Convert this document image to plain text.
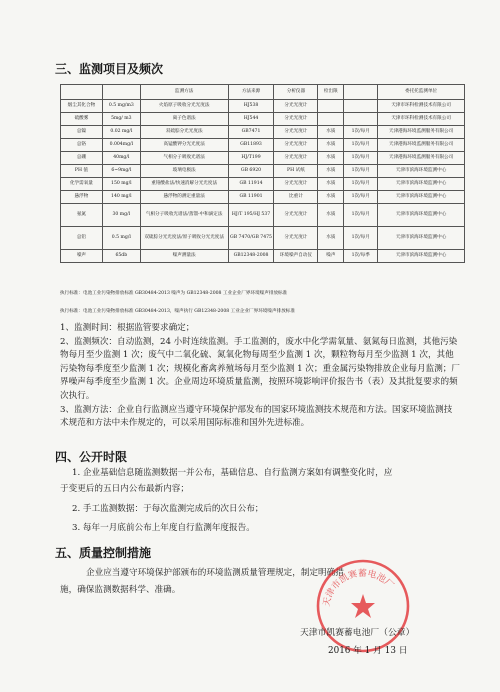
三、监测项目及频次
		监测方法	方法来源	分析仪器	检出限		委托托监测单位
烟尘其化合物	0.5 mg/m3	火焰原子吸收分光光度法	HJ538	分光光度计			天津市环科检测技术有限公司
硫酸雾	5mg/ m3	离子色谱法	HJ544	分光光度计			天津市环科检测技术有限公司
总镍	0.02 mg/l	双硫腙分光光度法	GB7471	分光光度计	水质	1次/每月	天津港海环境监测服务有限公司
总铬	0.004mg/l	高锰酸钾分光光度法	GB11893	分光光度计	水质	1次/每月	天津港海环境监测服务有限公司
总硼	40mg/l	气相分子吸收光谱法	HJ/T199	分光光度计	水质	1次/每月	天津港海环境监测服务有限公司
PH 值	6~9mg/l	玻璃电极法	GB 6920	PH 试纸	水质	1次/每月	天津市滨海环境监测中心
化学需氧量	150 mg/l	重铬酸盐法/快速消解分光光度法	GB 11914	分光光度计	水质	1次/每月	天津市滨海环境监测中心
悬浮物	140 mg/l	悬浮物的测定重量法	GB 11901	比重计	水质	1次/每月	天津市滨海环境监测中心
氨氮	30 mg/l	气相分子吸收光谱法/蒸馏-中和滴定法	HJ/T 195/HJ 537	分光光度计	水质	1次/每月	天津市滨海环境监测中心
总铅	0.5 mg/l	双硫腙分光光度法/原子吸收分光光度法	GB 7470/GB 7475	分光光度计	水质	1次/每月	天津市滨海环境监测中心
噪声	65db	噪声测量法	GB12348-2008	环境噪声自动仪	噪声	1次/每季	天津市滨海环境监测中心
执行标准：电池工业污染物排放标准 GB30484-2013 噪声为 GB12348-2008 工业企业厂界环境噪声排放标准
执行标准：电池工业污染物排放标准 GB30484-2013，噪声执行 GB12348-2008 工业企业厂界环境噪声排放标准
1、监测时间：根据监管要求确定；
2、监测频次：自动监测，24 小时连续监测。手工监测的，废水中化学需氧量、氨氮每日监测，其他污染物每月至少监测 1 次；废气中二氧化硫、氮氧化物每周至少监测 1 次，颗粒物每月至少监测 1 次，其他污染物每季度至少监测 1 次；规模化畜禽养殖场每月至少监测 1 次；重金属污染物排放企业每月监测；厂界噪声每季度至少监测 1 次。企业周边环境质量监测，按照环境影响评价报告书（表）及其批复要求的频次执行。
3、监测方法：企业自行监测应当遵守环境保护部发布的国家环境监测技术规范和方法。国家环境监测技术规范和方法中未作规定的，可以采用国际标准和国外先进标准。
四、公开时限
1. 企业基础信息随监测数据一并公布，基础信息、自行监测方案如有调整变化时，应
于变更后的五日内公布最新内容；
2. 手工监测数据：于每次监测完成后的次日公布；
3. 每年一月底前公布上年度自行监测年度报告。
五、质量控制措施
企业应当遵守环境保护部颁布的环境监测质量管理规定，制定明确措
施，确保监测数据科学、准确。
天津市凯赛蓄电池厂
天津市凯赛蓄电池厂（公章）
2016 年 1 月 13 日
